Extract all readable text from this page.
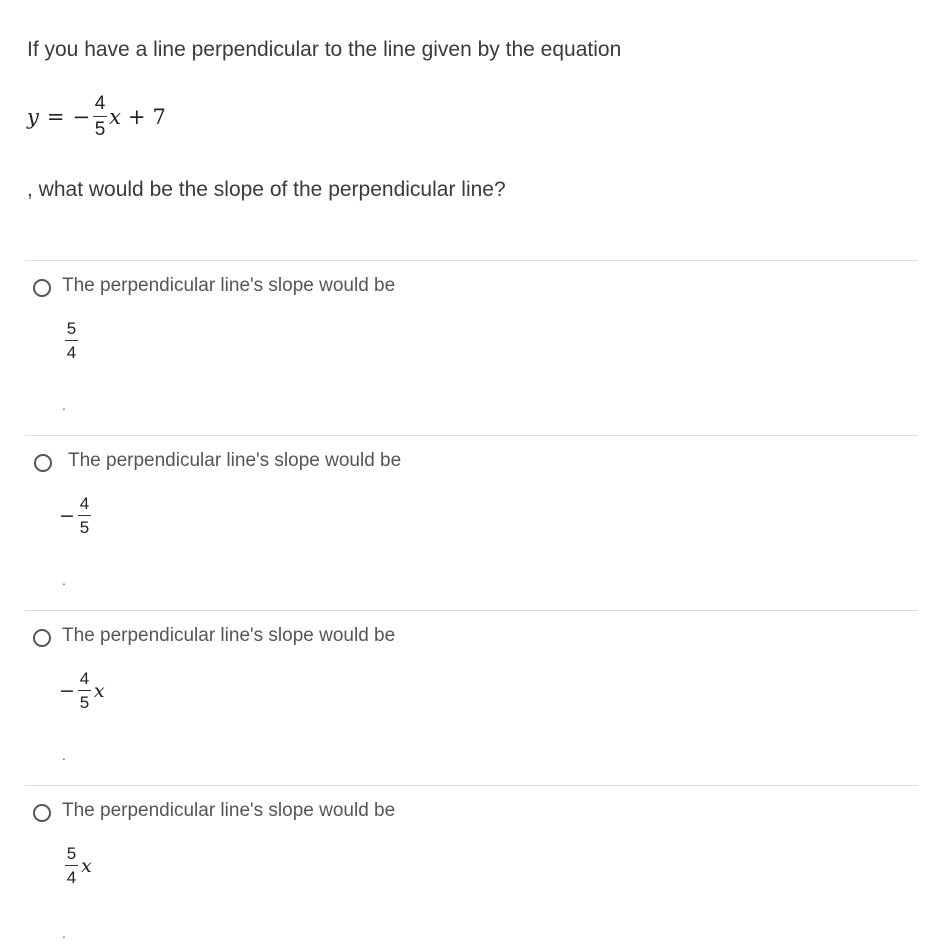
If you have a line perpendicular to the line given by the equation
y = − $\frac{4}{5}$ x + 7
, what would be the slope of the perpendicular line?
The perpendicular line's slope would be
$\frac{5}{4}$
.
The perpendicular line's slope would be
− $\frac{4}{5}$
.
The perpendicular line's slope would be
− $\frac{4}{5}$ x
.
The perpendicular line's slope would be
$\frac{5}{4}$ x
.
